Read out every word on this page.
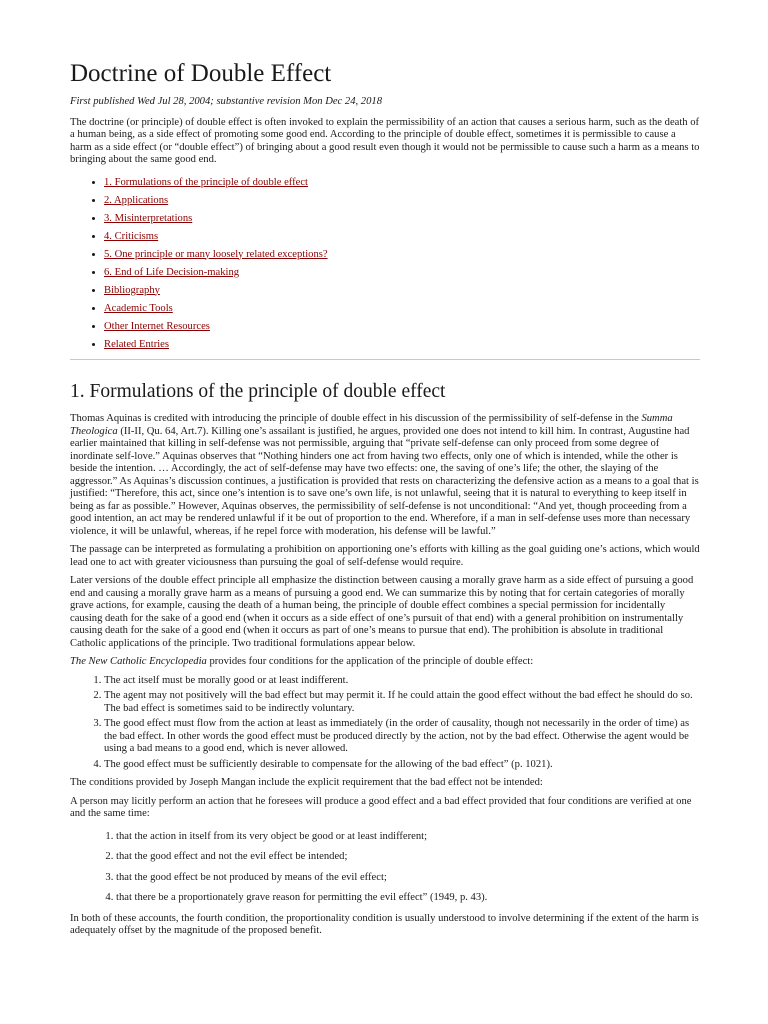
Doctrine of Double Effect
First published Wed Jul 28, 2004; substantive revision Mon Dec 24, 2018

The doctrine (or principle) of double effect is often invoked to explain the permissibility of an action that causes a serious harm, such as the death of a human being, as a side effect of promoting some good end. According to the principle of double effect, sometimes it is permissible to cause a harm as a side effect (or “double effect”) of bringing about a good result even though it would not be permissible to cause such a harm as a means to bringing about the same good end.

• 1. Formulations of the principle of double effect
• 2. Applications
• 3. Misinterpretations
• 4. Criticisms
• 5. One principle or many loosely related exceptions?
• 6. End of Life Decision-making
• Bibliography
• Academic Tools
• Other Internet Resources
• Related Entries
1. Formulations of the principle of double effect

Thomas Aquinas is credited with introducing the principle of double effect in his discussion of the permissibility of self-defense in the Summa Theologica (II-II, Qu. 64, Art.7). Killing one’s assailant is justified, he argues, provided one does not intend to kill him. In contrast, Augustine had earlier maintained that killing in self-defense was not permissible, arguing that “private self-defense can only proceed from some degree of inordinate self-love.” Aquinas observes that “Nothing hinders one act from having two effects, only one of which is intended, while the other is beside the intention. … Accordingly, the act of self-defense may have two effects: one, the saving of one’s life; the other, the slaying of the aggressor.” As Aquinas’s discussion continues, a justification is provided that rests on characterizing the defensive action as a means to a goal that is justified: “Therefore, this act, since one’s intention is to save one’s own life, is not unlawful, seeing that it is natural to everything to keep itself in being as far as possible.” However, Aquinas observes, the permissibility of self-defense is not unconditional: “And yet, though proceeding from a good intention, an act may be rendered unlawful if it be out of proportion to the end. Wherefore, if a man in self-defense uses more than necessary violence, it will be unlawful, whereas, if he repel force with moderation, his defense will be lawful.”

The passage can be interpreted as formulating a prohibition on apportioning one’s efforts with killing as the goal guiding one’s actions, which would lead one to act with greater viciousness than pursuing the goal of self-defense would require.

Later versions of the double effect principle all emphasize the distinction between causing a morally grave harm as a side effect of pursuing a good end and causing a morally grave harm as a means of pursuing a good end. We can summarize this by noting that for certain categories of morally grave actions, for example, causing the death of a human being, the principle of double effect combines a special permission for incidentally causing death for the sake of a good end (when it occurs as a side effect of one’s pursuit of that end) with a general prohibition on instrumentally causing death for the sake of a good end (when it occurs as part of one’s means to pursue that end). The prohibition is absolute in traditional Catholic applications of the principle. Two traditional formulations appear below.

The New Catholic Encyclopedia provides four conditions for the application of the principle of double effect:

1. The act itself must be morally good or at least indifferent.
2. The agent may not positively will the bad effect but may permit it. If he could attain the good effect without the bad effect he should do so. The bad effect is sometimes said to be indirectly voluntary.
3. The good effect must flow from the action at least as immediately (in the order of causality, though not necessarily in the order of time) as the bad effect. In other words the good effect must be produced directly by the action, not by the bad effect. Otherwise the agent would be using a bad means to a good end, which is never allowed.
4. The good effect must be sufficiently desirable to compensate for the allowing of the bad effect” (p. 1021).

The conditions provided by Joseph Mangan include the explicit requirement that the bad effect not be intended:

A person may licitly perform an action that he foresees will produce a good effect and a bad effect provided that four conditions are verified at one and the same time:

1. that the action in itself from its very object be good or at least indifferent;
2. that the good effect and not the evil effect be intended;
3. that the good effect be not produced by means of the evil effect;
4. that there be a proportionately grave reason for permitting the evil effect” (1949, p. 43).

In both of these accounts, the fourth condition, the proportionality condition is usually understood to involve determining if the extent of the harm is adequately offset by the magnitude of the proposed benefit.
